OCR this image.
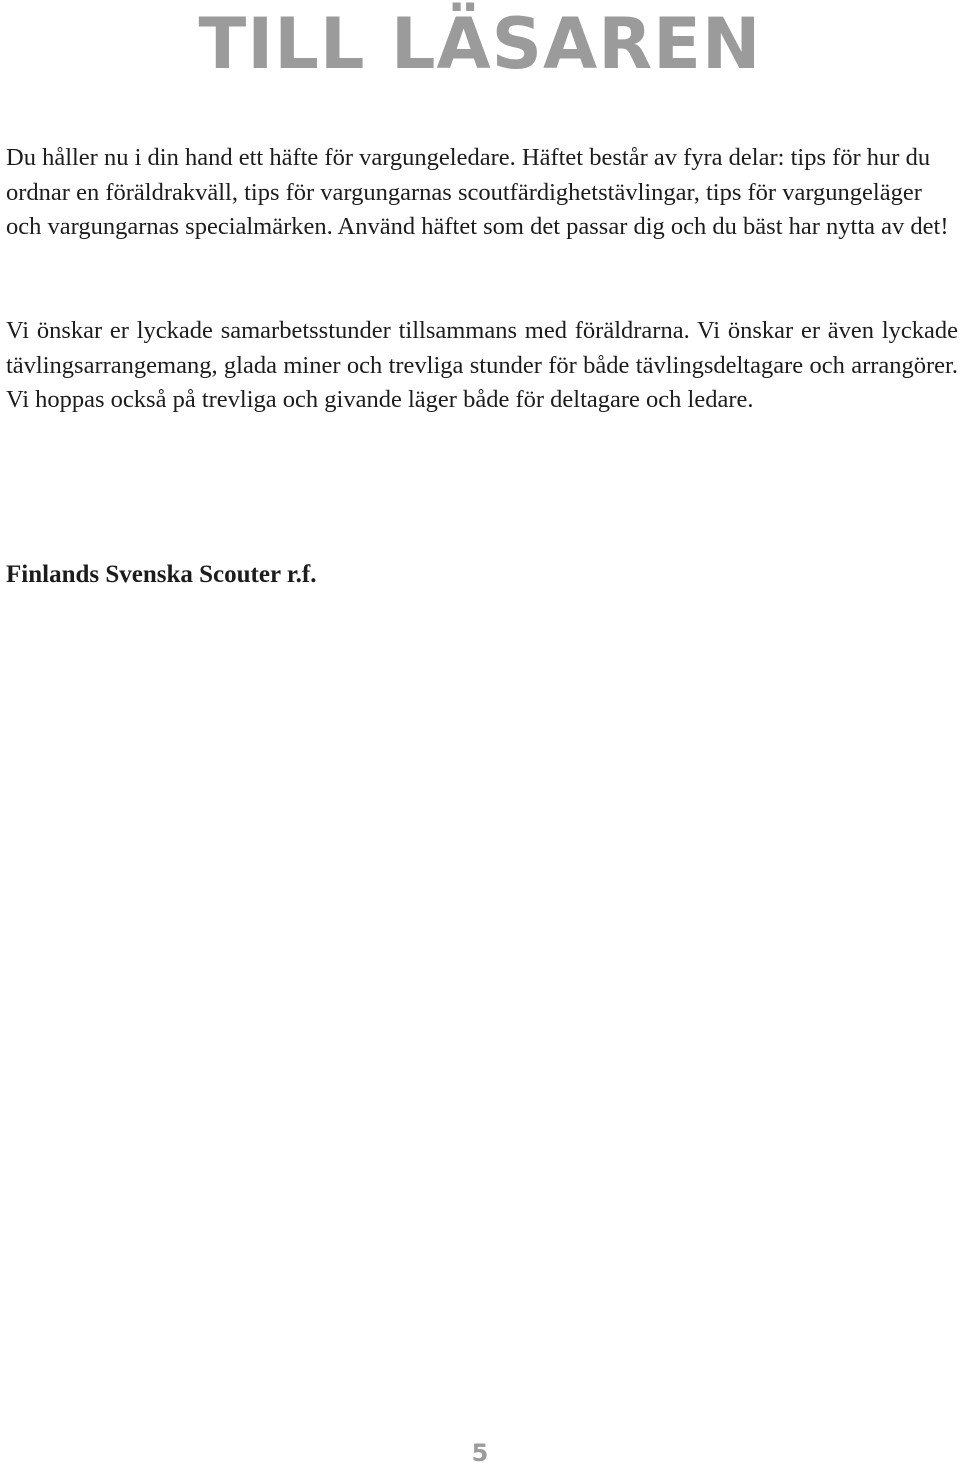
TILL LÄSAREN

Du håller nu i din hand ett häfte för vargungeledare. Häftet består av fyra delar: tips för hur du ordnar en föräldrakväll, tips för vargungarnas scoutfärdighetstävlingar, tips för vargungeläger och vargungarnas specialmärken. Använd häftet som det passar dig och du bäst har nytta av det!

Vi önskar er lyckade samarbetsstunder tillsammans med föräldrarna. Vi önskar er även lyckade tävlingsarrangemang, glada miner och trevliga stunder för både tävlingsdeltagare och arrangörer. Vi hoppas också på trevliga och givande läger både för deltagare och ledare.

Finlands Svenska Scouter r.f.

5
